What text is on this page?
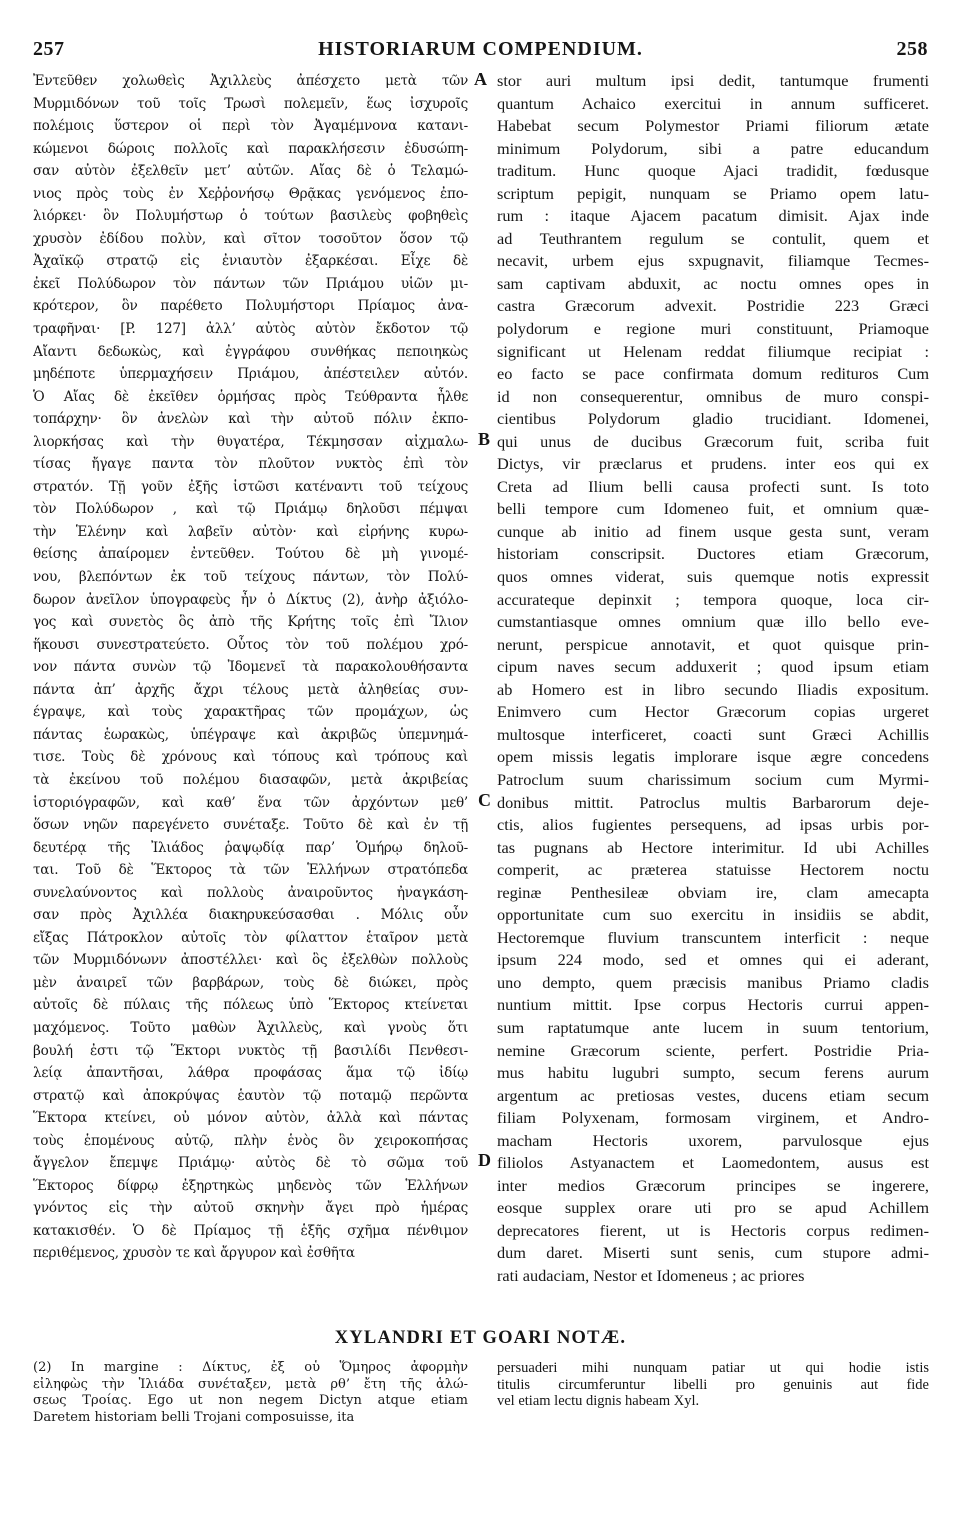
257	HISTORIARUM COMPENDIUM.	258
Ἐντεῦθεν χολωθεὶς Ἀχιλλεὺς ἀπέσχετο μετὰ τῶν
Μυρμιδόνων τοῦ τοῖς Τρωσὶ πολεμεῖν, ἕως ἰσχυροῖς
πολέμοις ὕστερον οἱ περὶ τὸν Ἀγαμέμνονα κατανι-
κώμενοι δώροις πολλοῖς καὶ παρακλήσεσιν ἐδυσώπη-
σαν αὐτὸν ἐξελθεῖν μετ’ αὐτῶν. Αἴας δὲ ὁ Τελαμώ-
νιος πρὸς τοὺς ἐν Χεῤῥονήσῳ Θρᾷκας γενόμενος ἐπο-
λιόρκει· ὃν Πολυμήστωρ ὁ τούτων βασιλεὺς φοβηθεὶς
χρυσὸν ἐδίδου πολὺν, καὶ σῖτον τοσοῦτον ὅσον τῷ
Ἀχαϊκῷ στρατῷ εἰς ἐνιαυτὸν ἐξαρκέσαι. Εἶχε δὲ
ἐκεῖ Πολύδωρον τὸν πάντων τῶν Πριάμου υἱῶν μι-
κρότερον, ὃν παρέθετο Πολυμήστορι Πρίαμος ἀνα-
τραφῆναι· [P. 127] ἀλλ’ αὐτὸς αὐτὸν ἔκδοτον τῷ
Αἴαντι δεδωκὼς, καὶ ἐγγράφου συνθήκας πεποιηκὼς
μηδέποτε ὑπερμαχήσειν Πριάμου, ἀπέστειλεν αὐτόν.
Ὁ Αἴας δὲ ἐκεῖθεν ὁρμήσας πρὸς Τεύθραντα ἦλθε
τοπάρχην· ὃν ἀνελὼν καὶ τὴν αὐτοῦ πόλιν ἐκπο-
λιορκήσας καὶ τὴν θυγατέρα, Τέκμησσαν αἰχμαλω-
τίσας ἤγαγε παντα τὸν πλοῦτον νυκτὸς ἐπὶ τὸν
στρατόν. Τῇ γοῦν ἐξῆς ἱστῶσι κατέναντι τοῦ τείχους
τὸν Πολύδωρον , καὶ τῷ Πριάμῳ δηλοῦσι πέμψαι
τὴν Ἑλένην καὶ λαβεῖν αὐτὸν· καὶ εἰρήνης κυρω-
θείσης ἀπαίρομεν ἐντεῦθεν. Τούτου δὲ μὴ γινομέ-
νου, βλεπόντων ἐκ τοῦ τείχους πάντων, τὸν Πολύ-
δωρον ἀνεῖλον ὑπογραφεὺς ἦν ὁ Δίκτυς (2), ἀνὴρ ἀξιόλο-
γος καὶ συνετὸς ὃς ἀπὸ τῆς Κρήτης τοῖς ἐπὶ Ἴλιον
ἥκουσι συνεστρατεύετο. Οὗτος τὸν τοῦ πολέμου χρό-
νον πάντα συνὼν τῷ Ἰδομενεῖ τὰ παρακολουθήσαντα
πάντα ἀπ’ ἀρχῆς ἄχρι τέλους μετὰ ἀληθείας συν-
έγραψε, καὶ τοὺς χαρακτῆρας τῶν προμάχων, ὡς
πάντας ἑωρακὼς, ὑπέγραψε καὶ ἀκριβῶς ὑπεμνημά-
τισε. Τοὺς δὲ χρόνους καὶ τόπους καὶ τρόπους καὶ
τὰ ἐκείνου τοῦ πολέμου διασαφῶν, μετὰ ἀκριβείας
ἱστοριόγραφῶν, καὶ καθ’ ἕνα τῶν ἀρχόντων μεθ’
ὅσων νηῶν παρεγένετο συνέταξε. Τοῦτο δὲ καὶ ἐν τῇ
δευτέρᾳ τῆς Ἰλιάδος ῥαψῳδίᾳ παρ’ Ὁμήρῳ δηλοῦ-
ται. Τοῦ δὲ Ἕκτορος τὰ τῶν Ἑλλήνων στρατόπεδα
συνελαύνοντος καὶ πολλοὺς ἀναιροῦντος ἠναγκάση-
σαν πρὸς Ἀχιλλέα διακηρυκεύσασθαι . Μόλις οὖν
εἴξας Πάτροκλον αὐτοῖς τὸν φίλαττον ἑταῖρον μετὰ
τῶν Μυρμιδόνωνν ἀποστέλλει· καὶ ὃς ἐξελθὼν πολλοὺς
μὲν ἀναιρεῖ τῶν βαρβάρων, τοὺς δὲ διώκει, πρὸς
αὐτοῖς δὲ πύλαις τῆς πόλεως ὑπὸ Ἕκτορος κτείνεται
μαχόμενος. Τοῦτο μαθὼν Ἀχιλλεὺς, καὶ γνοὺς ὅτι
βουλή ἐστι τῷ Ἕκτορι νυκτὸς τῇ βασιλίδι Πενθεσι-
λείᾳ ἀπαντῆσαι, λάθρα προφάσας ἅμα τῷ ἰδίῳ
στρατῷ καὶ ἀποκρύψας ἑαυτὸν τῷ ποταμῷ περῶντα
Ἕκτορα κτείνει, οὐ μόνον αὐτὸν, ἀλλὰ καὶ πάντας
τοὺς ἑπομένους αὐτῷ, πλὴν ἑνὸς ὃν χειροκοπήσας
ἄγγελον ἔπεμψε Πριάμῳ· αὐτὸς δὲ τὸ σῶμα τοῦ
Ἕκτορος δίφρῳ ἐξηρτηκὼς μηδενὸς τῶν Ἑλλήνων
γνόντος εἰς τὴν αὐτοῦ σκηνὴν ἄγει πρὸ ἡμέρας
κατακισθέν. Ὁ δὲ Πρίαμος τῇ ἑξῆς σχῆμα πένθιμον
περιθέμενος, χρυσὸν τε καὶ ἄργυρον καὶ ἐσθῆτα
stor auri multum ipsi dedit, tantumque frumenti
quantum Achaico exercitui in annum sufficeret.
Habebat secum Polymestor Priami filiorum ætate
minimum Polydorum, sibi a patre educandum
traditum. Hunc quoque Ajaci tradidit, fœdusque
scriptum pepigit, nunquam se Priamo opem latu-
rum : itaque Ajacem pacatum dimisit. Ajax inde
ad Teuthrantem regulum se contulit, quem et
necavit, urbem ejus sxpugnavit, filiamque Tecmes-
sam captivam abduxit, ac noctu omnes opes in
castra Græcorum advexit. Postridie 223 Græci
polydorum e regione muri constituunt, Priamoque
significant ut Helenam reddat filiumque recipiat :
eo facto se pace confirmata domum redituros Cum
id non consequerentur, omnibus de muro conspi-
cientibus Polydorum gladio trucidiant. Idomenei,
qui unus de ducibus Græcorum fuit, scriba fuit
Dictys, vir præclarus et prudens. inter eos qui ex
Creta ad Ilium belli causa profecti sunt. Is toto
belli tempore cum Idomeneo fuit, et omnium quæ-
cunque ab initio ad finem usque gesta sunt, veram
historiam conscripsit. Ductores etiam Græcorum,
quos omnes viderat, suis quemque notis expressit
accurateque depinxit ; tempora quoque, loca cir-
cumstantiasque omnes omnium quæ illo bello eve-
nerunt, perspicue annotavit, et quot quisque prin-
cipum naves secum adduxerit ; quod ipsum etiam
ab Homero est in libro secundo Iliadis expositum.
Enimvero cum Hector Græcorum copias urgeret
multosque interficeret, coacti sunt Græci Achillis
opem missis legatis implorare isque ægre concedens
Patroclum suum charissimum socium cum Myrmi-
donibus mittit. Patroclus multis Barbarorum deje-
ctis, alios fugientes persequens, ad ipsas urbis por-
tas pugnans ab Hectore interimitur. Id ubi Achilles
comperit, ac præterea statuisse Hectorem noctu
reginæ Penthesileæ obviam ire, clam amecapta
opportunitate cum suo exercitu in insidiis se abdit,
Hectoremque fluvium transcuntem interficit : neque
ipsum 224 modo, sed et omnes qui ei aderant,
uno dempto, quem præcisis manibus Priamo cladis
nuntium mittit. Ipse corpus Hectoris currui appen-
sum raptatumque ante lucem in suum tentorium,
nemine Græcorum sciente, perfert. Postridie Pria-
mus habitu lugubri sumpto, secum ferens aurum
argentum ac pretiosas vestes, ducens etiam secum
filiam Polyxenam, formosam virginem, et Andro-
macham Hectoris uxorem, parvulosque ejus
filiolos Astyanactem et Laomedontem, ausus est
inter medios Græcorum principes se ingerere,
eosque supplex orare uti pro se apud Achillem
deprecatores fierent, ut is Hectoris corpus redimen-
dum daret. Miserti sunt senis, cum stupore admi-
rati audaciam, Nestor et Idomeneus ; ac priores
A
B
C
D
XYLANDRI ET GOARI NOTÆ.
(2) In margine : Δίκτυς, ἐξ οὗ Ὅμηρος ἀφορμὴν
εἰληφὼς τὴν Ἰλιάδα συνέταξεν, μετὰ ρθ’ ἔτη τῆς ἁλώ-
σεως Τροίας. Ego ut non negem Dictyn atque etiam
Daretem historiam belli Trojani composuisse, ita
persuaderi mihi nunquam patiar ut qui hodie istis
titulis circumferuntur libelli pro genuinis aut fide
vel etiam lectu dignis habeam Xyl.
